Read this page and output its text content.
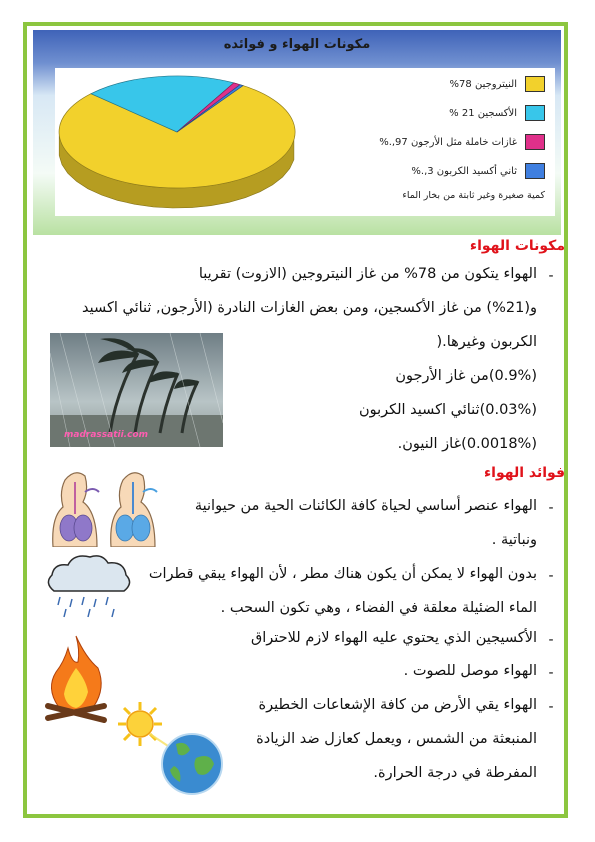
مكونات الهواء و فوائده
النيتروجين 78%
الأكسجين 21 %
غازات خاملة مثل الأرجون 97,.%
ثاني أكسيد الكربون 3,.%
كمية صغيرة وغير ثابتة من بخار الماء
مكونات الهواء
-
الهواء يتكون من 78% من غاز النيتروجين (الازوت) تقريبا
و(21%) من غاز الأكسجين، ومن بعض الغازات النادرة (الأرجون, ثنائي اكسيد
الكربون وغيرها.(
(0.9%)من غاز الأرجون
(0.03%)ثنائي اكسيد الكربون
(0.0018%)غاز النيون.
madrassatii.com
فوائد الهواء
-
الهواء عنصر أساسي لحياة كافة الكائنات الحية من حيوانية
ونباتية .
-
بدون الهواء لا يمكن أن يكون هناك مطر ، لأن الهواء يبقي قطرات
الماء الضئيلة معلقة في الفضاء ، وهي تكون السحب .
-
الأكسيجين الذي يحتوي عليه الهواء لازم للاحتراق
-
الهواء موصل للصوت .
-
الهواء يقي الأرض من كافة الإشعاعات الخطيرة
المنبعثة من الشمس ، ويعمل كعازل ضد الزيادة
المفرطة في درجة الحرارة.
